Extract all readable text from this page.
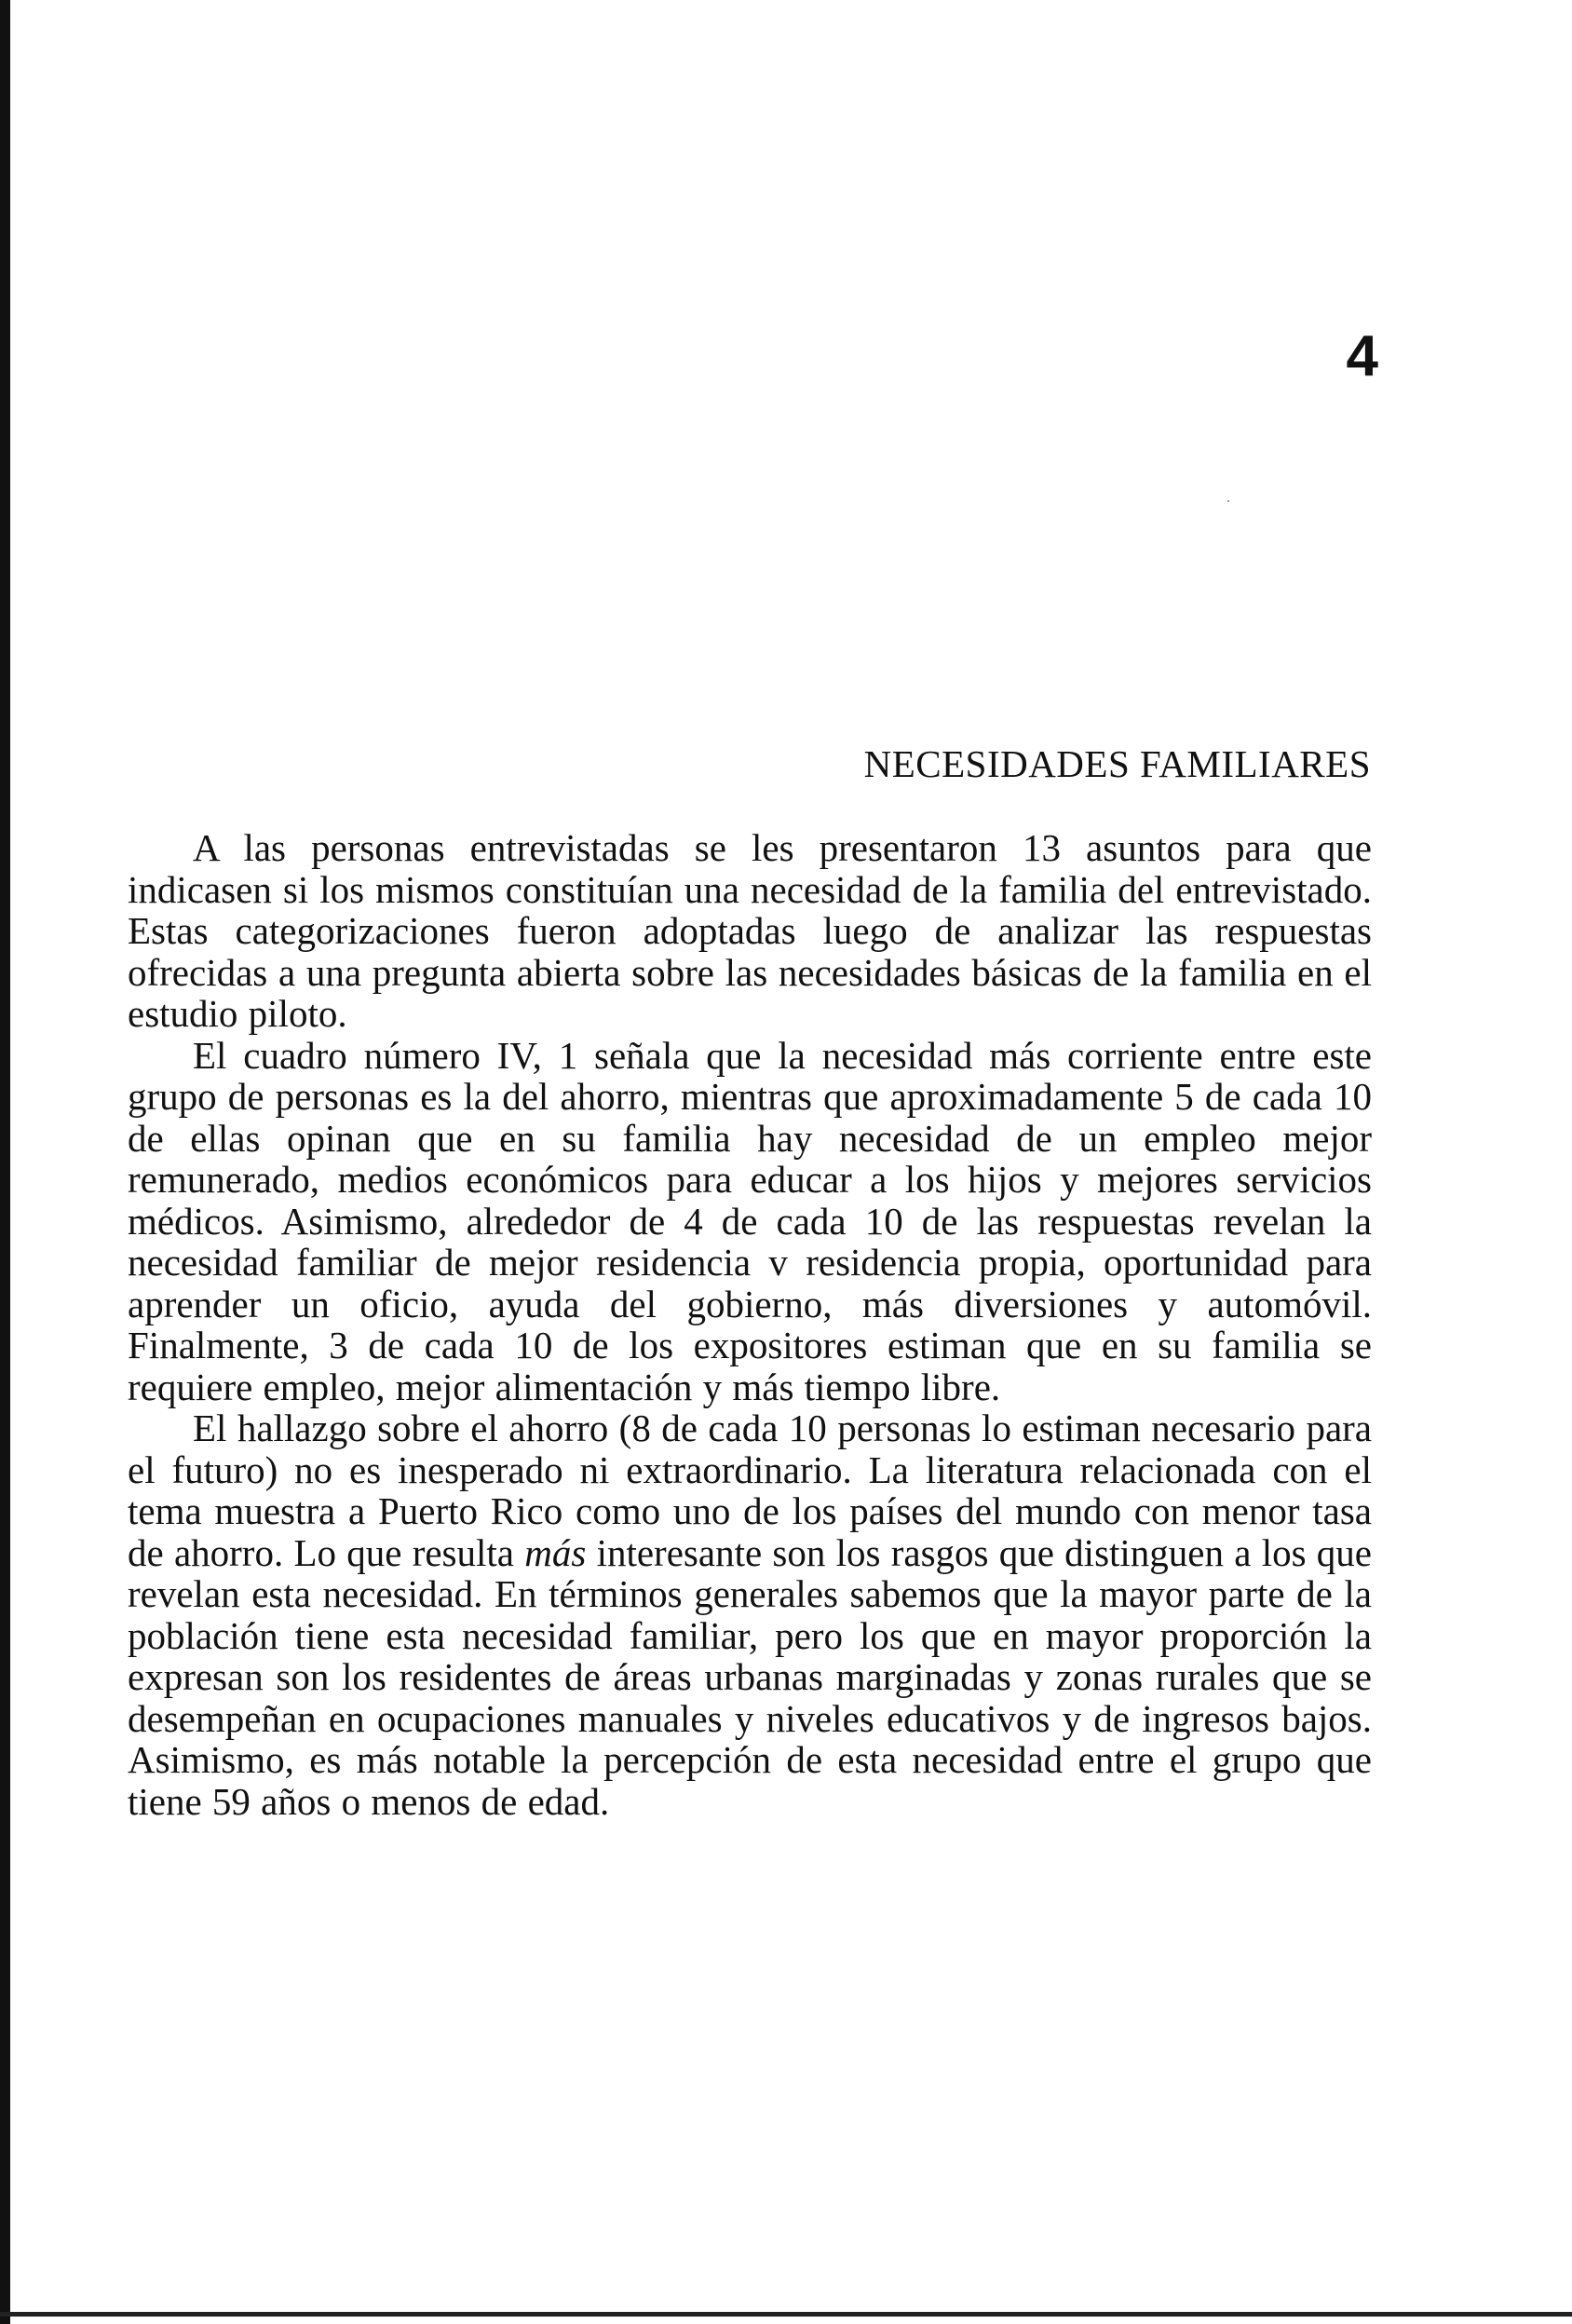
4
NECESIDADES FAMILIARES

A las personas entrevistadas se les presentaron 13 asuntos para que indicasen si los mismos constituían una necesidad de la familia del entrevistado. Estas categorizaciones fueron adoptadas luego de analizar las respuestas ofrecidas a una pregunta abierta sobre las necesidades básicas de la familia en el estudio piloto.

El cuadro número IV, 1 señala que la necesidad más corriente entre este grupo de personas es la del ahorro, mientras que aproximadamente 5 de cada 10 de ellas opinan que en su familia hay necesidad de un empleo mejor remunerado, medios económicos para educar a los hijos y mejores servicios médicos. Asimismo, alrededor de 4 de cada 10 de las respuestas revelan la necesidad familiar de mejor residencia v residencia propia, oportunidad para aprender un oficio, ayuda del gobierno, más diversiones y automóvil. Finalmente, 3 de cada 10 de los expositores estiman que en su familia se requiere empleo, mejor alimentación y más tiempo libre.

El hallazgo sobre el ahorro (8 de cada 10 personas lo estiman necesario para el futuro) no es inesperado ni extraordinario. La literatura relacionada con el tema muestra a Puerto Rico como uno de los países del mundo con menor tasa de ahorro. Lo que resulta más interesante son los rasgos que distinguen a los que revelan esta necesidad. En términos generales sabemos que la mayor parte de la población tiene esta necesidad familiar, pero los que en mayor proporción la expresan son los residentes de áreas urbanas marginadas y zonas rurales que se desempeñan en ocupaciones manuales y niveles educativos y de ingresos bajos. Asimismo, es más notable la percepción de esta necesidad entre el grupo que tiene 59 años o menos de edad.
